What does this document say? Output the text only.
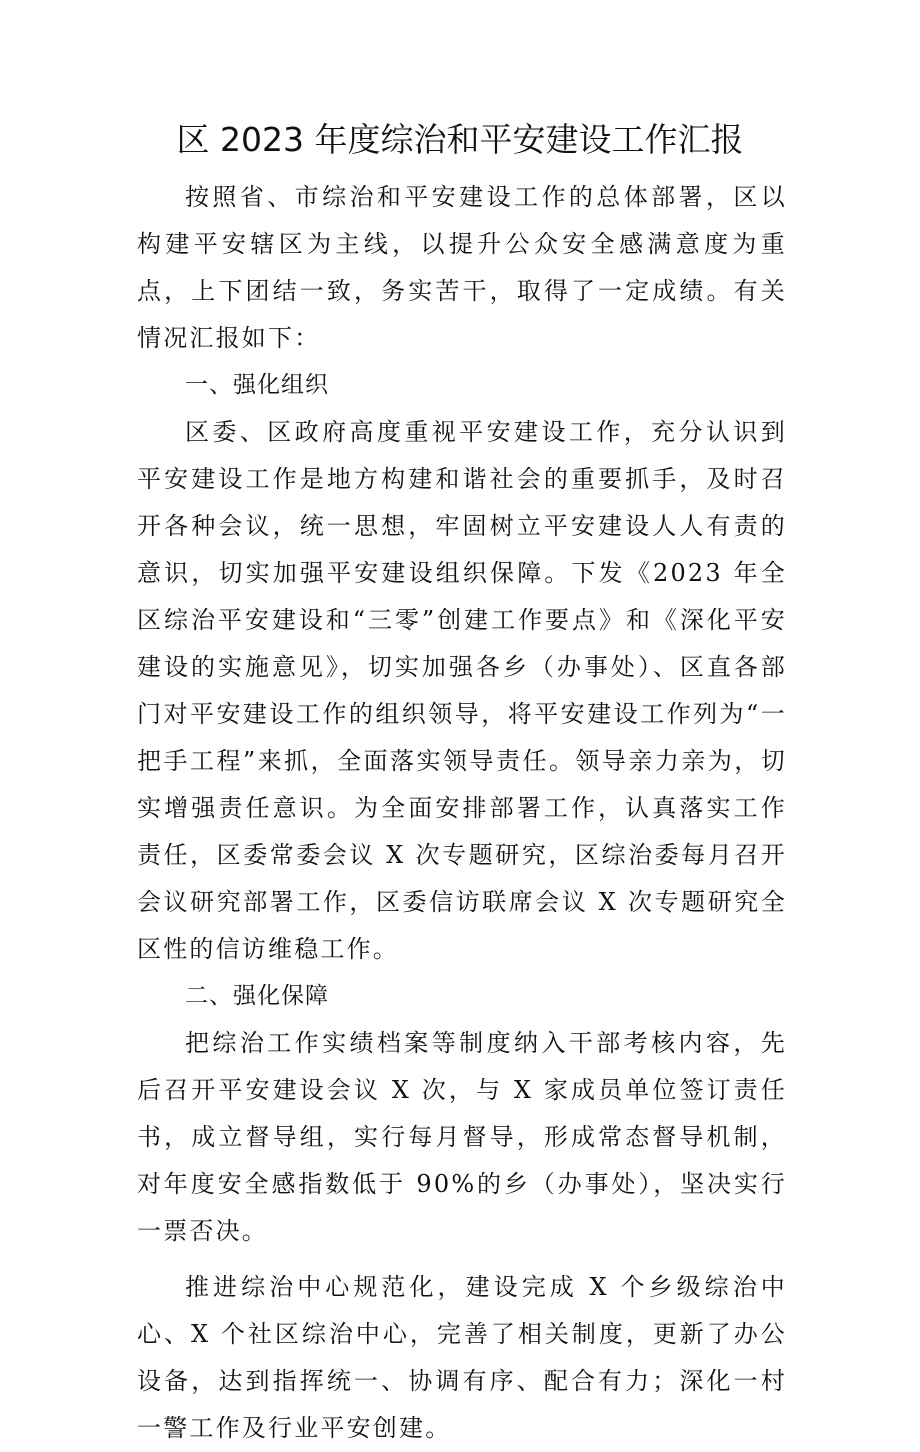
区 2023 年度综治和平安建设工作汇报

按照省、市综治和平安建设工作的总体部署，区以构建平安辖区为主线，以提升公众安全感满意度为重点，上下团结一致，务实苦干，取得了一定成绩。有关情况汇报如下：

一、强化组织

区委、区政府高度重视平安建设工作，充分认识到平安建设工作是地方构建和谐社会的重要抓手，及时召开各种会议，统一思想，牢固树立平安建设人人有责的意识，切实加强平安建设组织保障。下发《2023 年全区综治平安建设和“三零”创建工作要点》和《深化平安建设的实施意见》，切实加强各乡（办事处）、区直各部门对平安建设工作的组织领导，将平安建设工作列为“一把手工程”来抓，全面落实领导责任。领导亲力亲为，切实增强责任意识。为全面安排部署工作，认真落实工作责任，区委常委会议 X 次专题研究，区综治委每月召开会议研究部署工作，区委信访联席会议 X 次专题研究全区性的信访维稳工作。

二、强化保障

把综治工作实绩档案等制度纳入干部考核内容，先后召开平安建设会议 X 次，与 X 家成员单位签订责任书，成立督导组，实行每月督导，形成常态督导机制，对年度安全感指数低于 90%的乡（办事处），坚决实行一票否决。

推进综治中心规范化，建设完成 X 个乡级综治中心、X 个社区综治中心，完善了相关制度，更新了办公设备，达到指挥统一、协调有序、配合有力；深化一村一警工作及行业平安创建。
